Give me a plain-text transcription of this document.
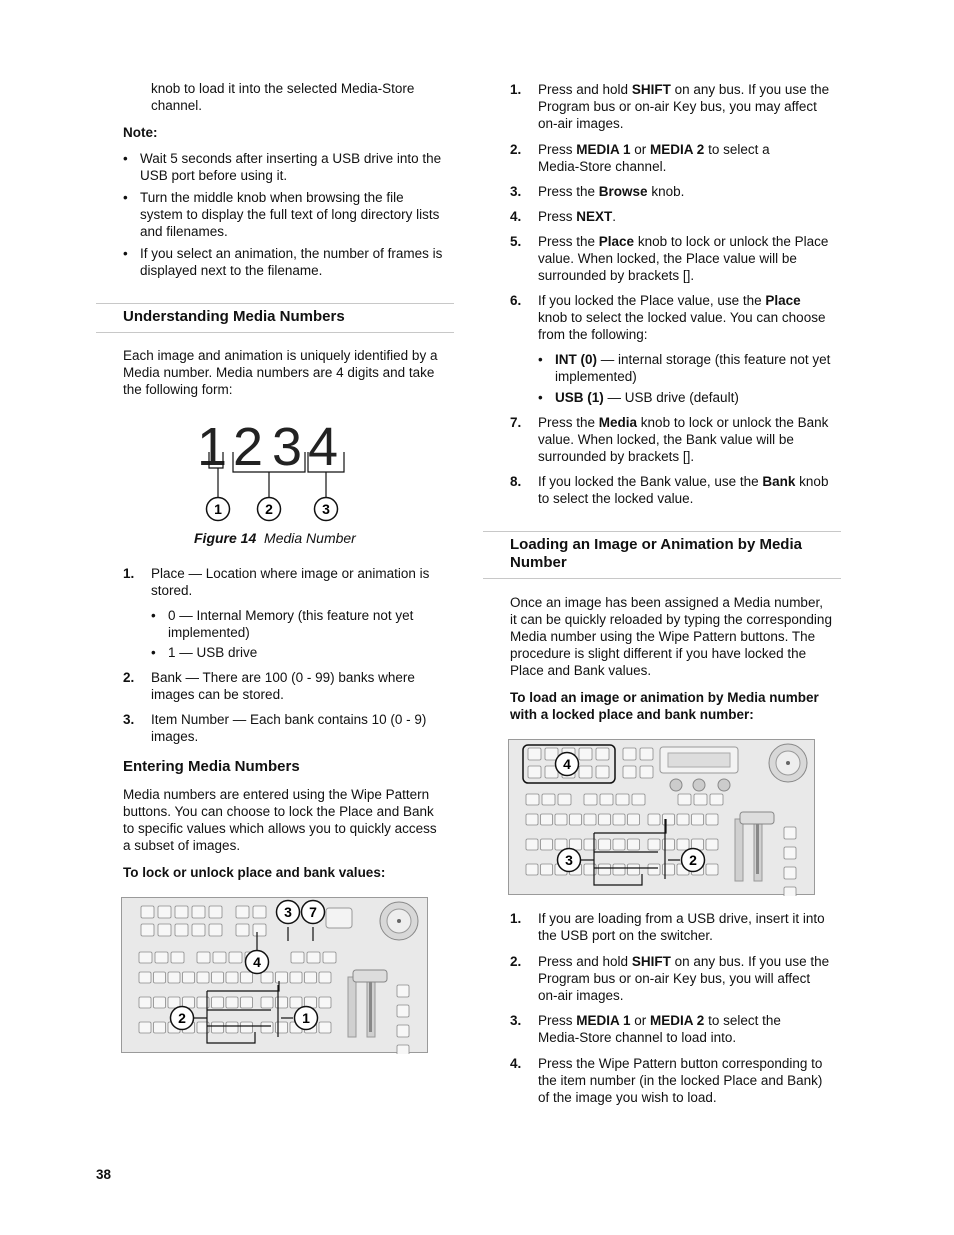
knob to load it into the selected Media-Store
channel.
Note:
• Wait 5 seconds after inserting a USB drive into the
USB port before using it.
• Turn the middle knob when browsing the file
system to display the full text of long directory lists
and filenames.
• If you select an animation, the number of frames is
displayed next to the filename.
Understanding Media Numbers
Each image and animation is uniquely identified by a
Media number. Media numbers are 4 digits and take
the following form:
1 2 3 4
1	2	3
Figure 14 Media Number
1. Place — Location where image or animation is
stored.
• 0 — Internal Memory (this feature not yet
implemented)
• 1 — USB drive
2. Bank — There are 100 (0 - 99) banks where
images can be stored.
3. Item Number — Each bank contains 10 (0 - 9)
images.
Entering Media Numbers
Media numbers are entered using the Wipe Pattern
buttons. You can choose to lock the Place and Bank
to specific values which allows you to quickly access
a subset of images.
To lock or unlock place and bank values:
3 7
4
2	1
1. Press and hold SHIFT on any bus. If you use the
Program bus or on-air Key bus, you may affect
on-air images.
2. Press MEDIA 1 or MEDIA 2 to select a
Media-Store channel.
3. Press the Browse knob.
4. Press NEXT.
5. Press the Place knob to lock or unlock the Place
value. When locked, the Place value will be
surrounded by brackets [].
6. If you locked the Place value, use the Place
knob to select the locked value. You can choose
from the following:
7. Press the Media knob to lock or unlock the Bank
value. When locked, the Bank value will be
surrounded by brackets [].
8. If you locked the Bank value, use the Bank knob
to select the locked value.
• INT (0) — internal storage (this feature not yet
implemented)
• USB (1) — USB drive (default)
Loading an Image or Animation by Media
Number
Once an image has been assigned a Media number,
it can be quickly reloaded by typing the corresponding
Media number using the Wipe Pattern buttons. The
procedure is slight different if you have locked the
Place and Bank values.
To load an image or animation by Media number
with a locked place and bank number:
4
3	2
1. If you are loading from a USB drive, insert it into
the USB port on the switcher.
2. Press and hold SHIFT on any bus. If you use the
Program bus or on-air Key bus, you will affect
on-air images.
3. Press MEDIA 1 or MEDIA 2 to select the
Media-Store channel to load into.
4. Press the Wipe Pattern button corresponding to
the item number (in the locked Place and Bank)
of the image you wish to load.
38
